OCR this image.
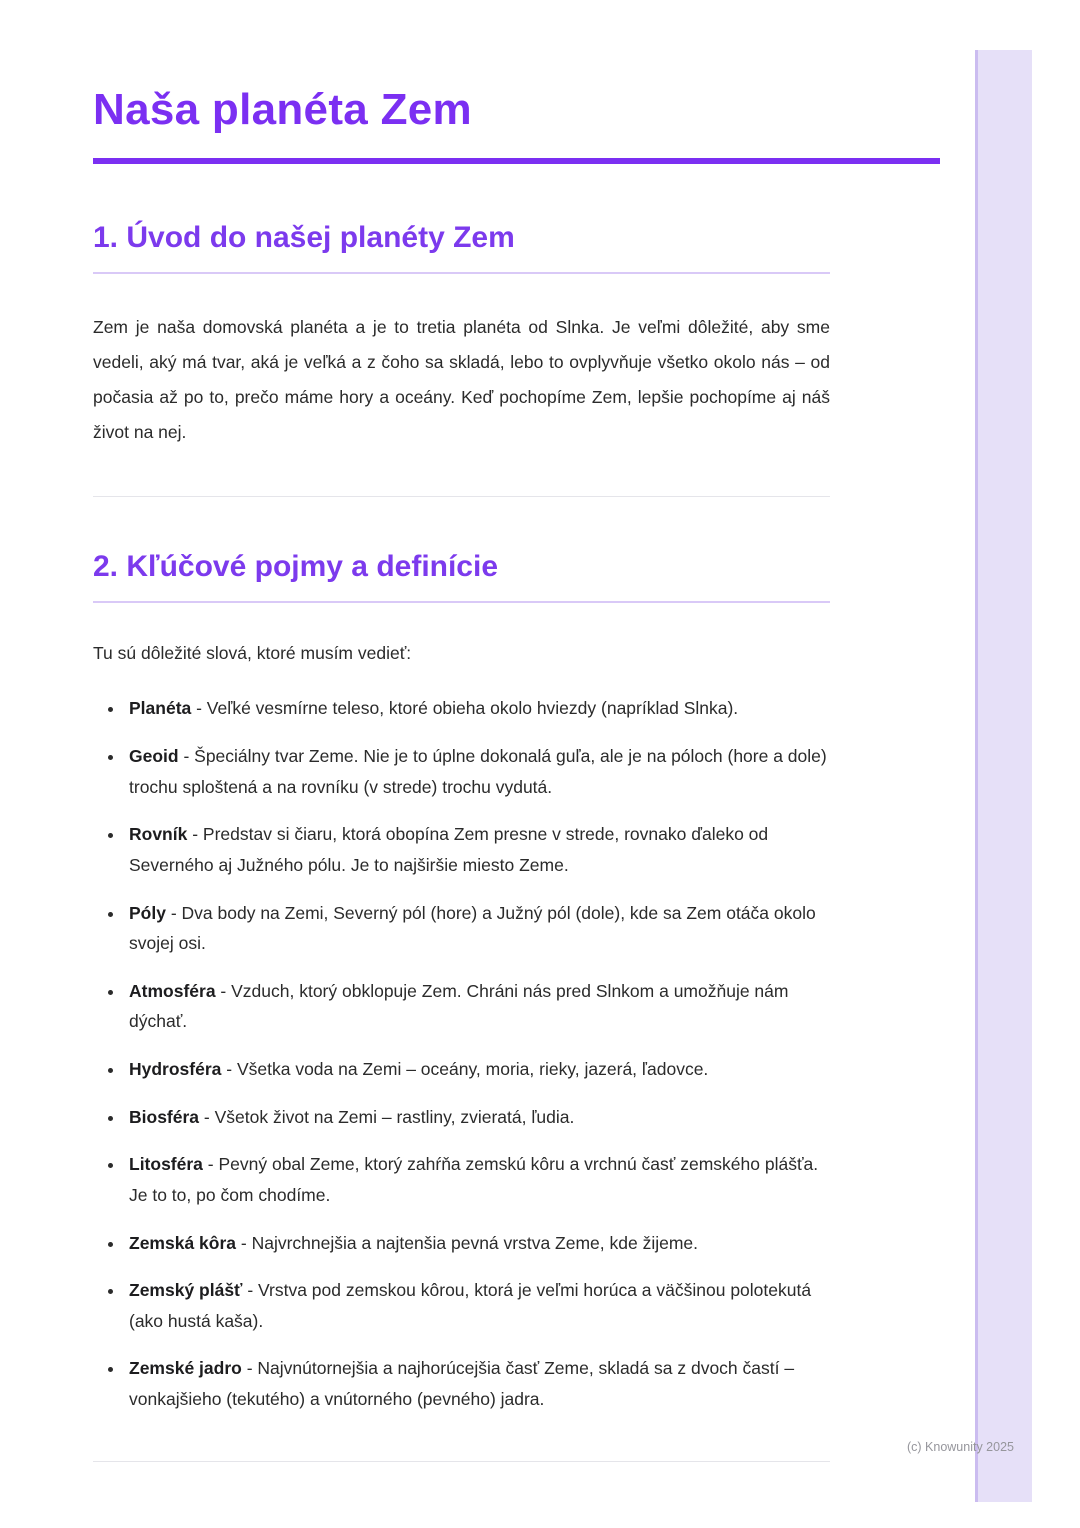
Naša planéta Zem
1. Úvod do našej planéty Zem

Zem je naša domovská planéta a je to tretia planéta od Slnka. Je veľmi dôležité, aby sme vedeli, aký má tvar, aká je veľká a z čoho sa skladá, lebo to ovplyvňuje všetko okolo nás – od počasia až po to, prečo máme hory a oceány. Keď pochopíme Zem, lepšie pochopíme aj náš život na nej.

2. Kľúčové pojmy a definície

Tu sú dôležité slová, ktoré musím vedieť:

• Planéta - Veľké vesmírne teleso, ktoré obieha okolo hviezdy (napríklad Slnka).
• Geoid - Špeciálny tvar Zeme. Nie je to úplne dokonalá guľa, ale je na póloch (hore a dole) trochu sploštená a na rovníku (v strede) trochu vydutá.
• Rovník - Predstav si čiaru, ktorá obopína Zem presne v strede, rovnako ďaleko od Severného aj Južného pólu. Je to najširšie miesto Zeme.
• Póly - Dva body na Zemi, Severný pól (hore) a Južný pól (dole), kde sa Zem otáča okolo svojej osi.
• Atmosféra - Vzduch, ktorý obklopuje Zem. Chráni nás pred Slnkom a umožňuje nám dýchať.
• Hydrosféra - Všetka voda na Zemi – oceány, moria, rieky, jazerá, ľadovce.
• Biosféra - Všetok život na Zemi – rastliny, zvieratá, ľudia.
• Litosféra - Pevný obal Zeme, ktorý zahŕňa zemskú kôru a vrchnú časť zemského plášťa. Je to to, po čom chodíme.
• Zemská kôra - Najvrchnejšia a najtenšia pevná vrstva Zeme, kde žijeme.
• Zemský plášť - Vrstva pod zemskou kôrou, ktorá je veľmi horúca a väčšinou polotekutá (ako hustá kaša).
• Zemské jadro - Najvnútornejšia a najhorúcejšia časť Zeme, skladá sa z dvoch častí – vonkajšieho (tekutého) a vnútorného (pevného) jadra.
(c) Knowunity 2025
